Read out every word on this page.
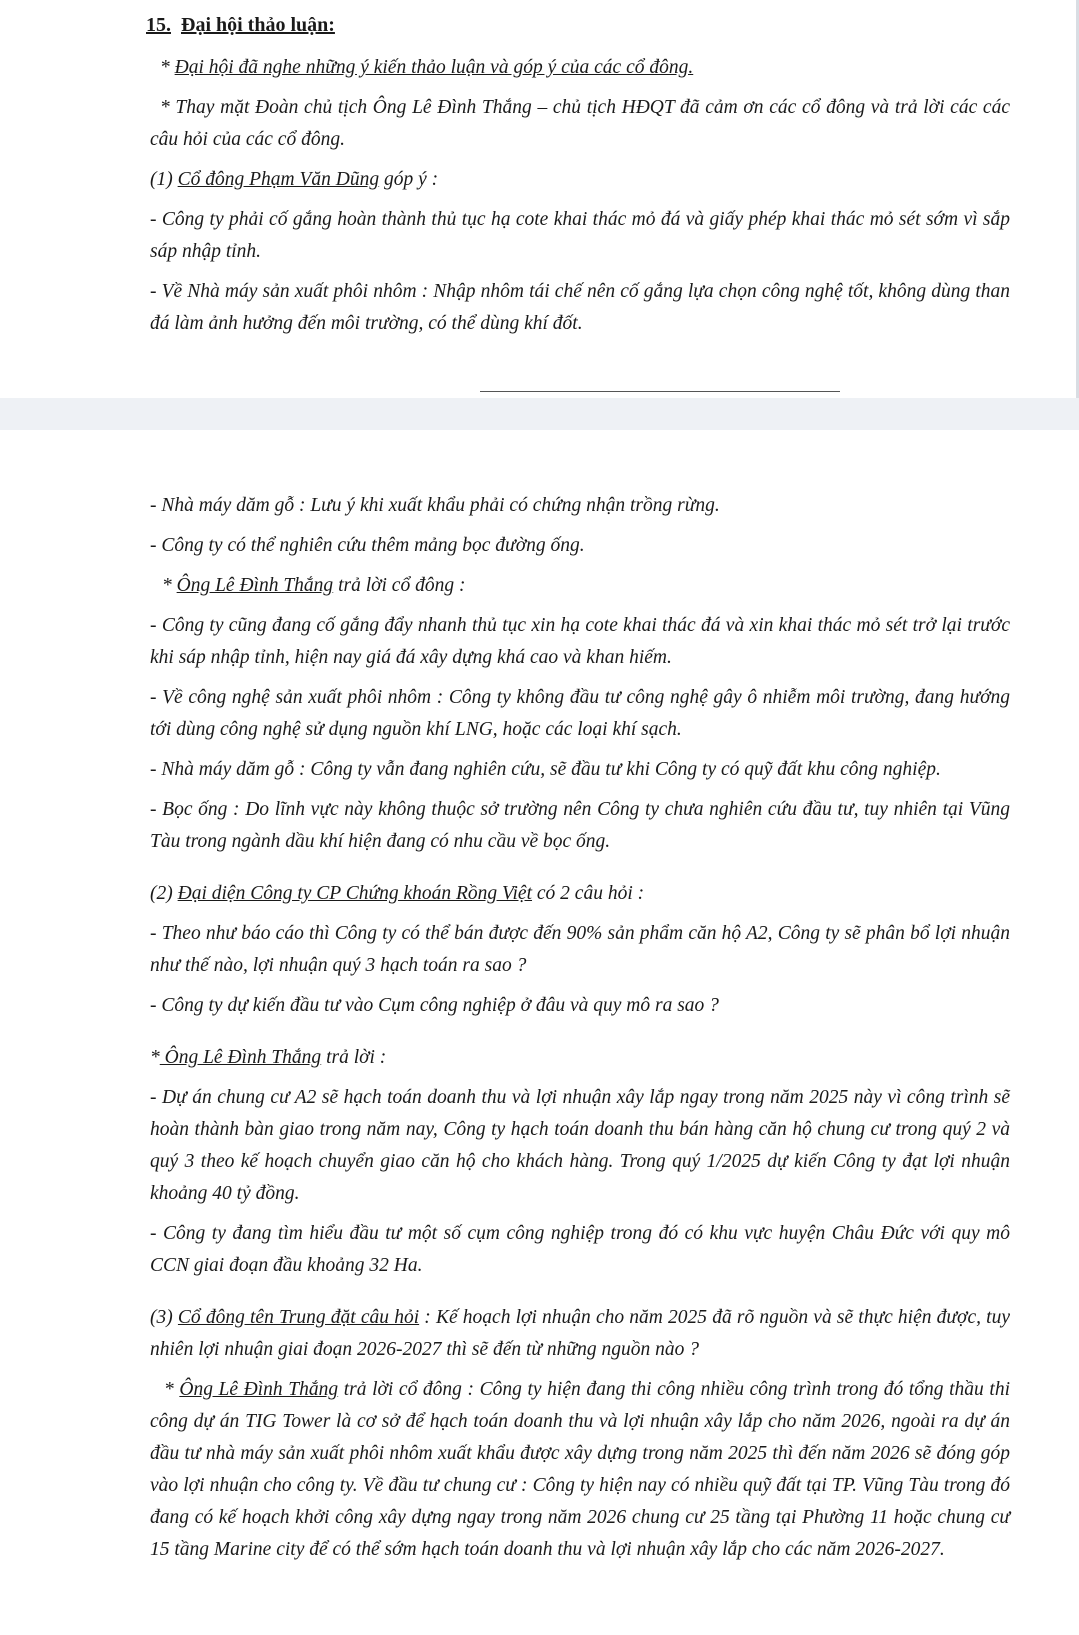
15. Đại hội thảo luận:

* Đại hội đã nghe những ý kiến thảo luận và góp ý của các cổ đông.

* Thay mặt Đoàn chủ tịch Ông Lê Đình Thắng – chủ tịch HĐQT đã cảm ơn các cổ đông và trả lời các các câu hỏi của các cổ đông.

(1) Cổ đông Phạm Văn Dũng góp ý :

- Công ty phải cố gắng hoàn thành thủ tục hạ cote khai thác mỏ đá và giấy phép khai thác mỏ sét sớm vì sắp sáp nhập tỉnh.

- Về Nhà máy sản xuất phôi nhôm : Nhập nhôm tái chế nên cố gắng lựa chọn công nghệ tốt, không dùng than đá làm ảnh hưởng đến môi trường, có thể dùng khí đốt.

- Nhà máy dăm gỗ : Lưu ý khi xuất khẩu phải có chứng nhận trồng rừng.

- Công ty có thể nghiên cứu thêm mảng bọc đường ống.

* Ông Lê Đình Thắng trả lời cổ đông :

- Công ty cũng đang cố gắng đẩy nhanh thủ tục xin hạ cote khai thác đá và xin khai thác mỏ sét trở lại trước khi sáp nhập tỉnh, hiện nay giá đá xây dựng khá cao và khan hiếm.

- Về công nghệ sản xuất phôi nhôm : Công ty không đầu tư công nghệ gây ô nhiễm môi trường, đang hướng tới dùng công nghệ sử dụng nguồn khí LNG, hoặc các loại khí sạch.

- Nhà máy dăm gỗ : Công ty vẫn đang nghiên cứu, sẽ đầu tư khi Công ty có quỹ đất khu công nghiệp.

- Bọc ống : Do lĩnh vực này không thuộc sở trường nên Công ty chưa nghiên cứu đầu tư, tuy nhiên tại Vũng Tàu trong ngành dầu khí hiện đang có nhu cầu về bọc ống.

(2) Đại diện Công ty CP Chứng khoán Rồng Việt có 2 câu hỏi :

- Theo như báo cáo thì Công ty có thể bán được đến 90% sản phẩm căn hộ A2, Công ty sẽ phân bổ lợi nhuận như thế nào, lợi nhuận quý 3 hạch toán ra sao ?

- Công ty dự kiến đầu tư vào Cụm công nghiệp ở đâu và quy mô ra sao ?

* Ông Lê Đình Thắng trả lời :

- Dự án chung cư A2 sẽ hạch toán doanh thu và lợi nhuận xây lắp ngay trong năm 2025 này vì công trình sẽ hoàn thành bàn giao trong năm nay, Công ty hạch toán doanh thu bán hàng căn hộ chung cư trong quý 2 và quý 3 theo kế hoạch chuyển giao căn hộ cho khách hàng. Trong quý 1/2025 dự kiến Công ty đạt lợi nhuận khoảng 40 tỷ đồng.

- Công ty đang tìm hiểu đầu tư một số cụm công nghiệp trong đó có khu vực huyện Châu Đức với quy mô CCN giai đoạn đầu khoảng 32 Ha.

(3) Cổ đông tên Trung đặt câu hỏi : Kế hoạch lợi nhuận cho năm 2025 đã rõ nguồn và sẽ thực hiện được, tuy nhiên lợi nhuận giai đoạn 2026-2027 thì sẽ đến từ những nguồn nào ?

* Ông Lê Đình Thắng trả lời cổ đông : Công ty hiện đang thi công nhiều công trình trong đó tổng thầu thi công dự án TIG Tower là cơ sở để hạch toán doanh thu và lợi nhuận xây lắp cho năm 2026, ngoài ra dự án đầu tư nhà máy sản xuất phôi nhôm xuất khẩu được xây dựng trong năm 2025 thì đến năm 2026 sẽ đóng góp vào lợi nhuận cho công ty. Về đầu tư chung cư : Công ty hiện nay có nhiều quỹ đất tại TP. Vũng Tàu trong đó đang có kế hoạch khởi công xây dựng ngay trong năm 2026 chung cư 25 tầng tại Phường 11 hoặc chung cư 15 tầng Marine city để có thể sớm hạch toán doanh thu và lợi nhuận xây lắp cho các năm 2026-2027.
